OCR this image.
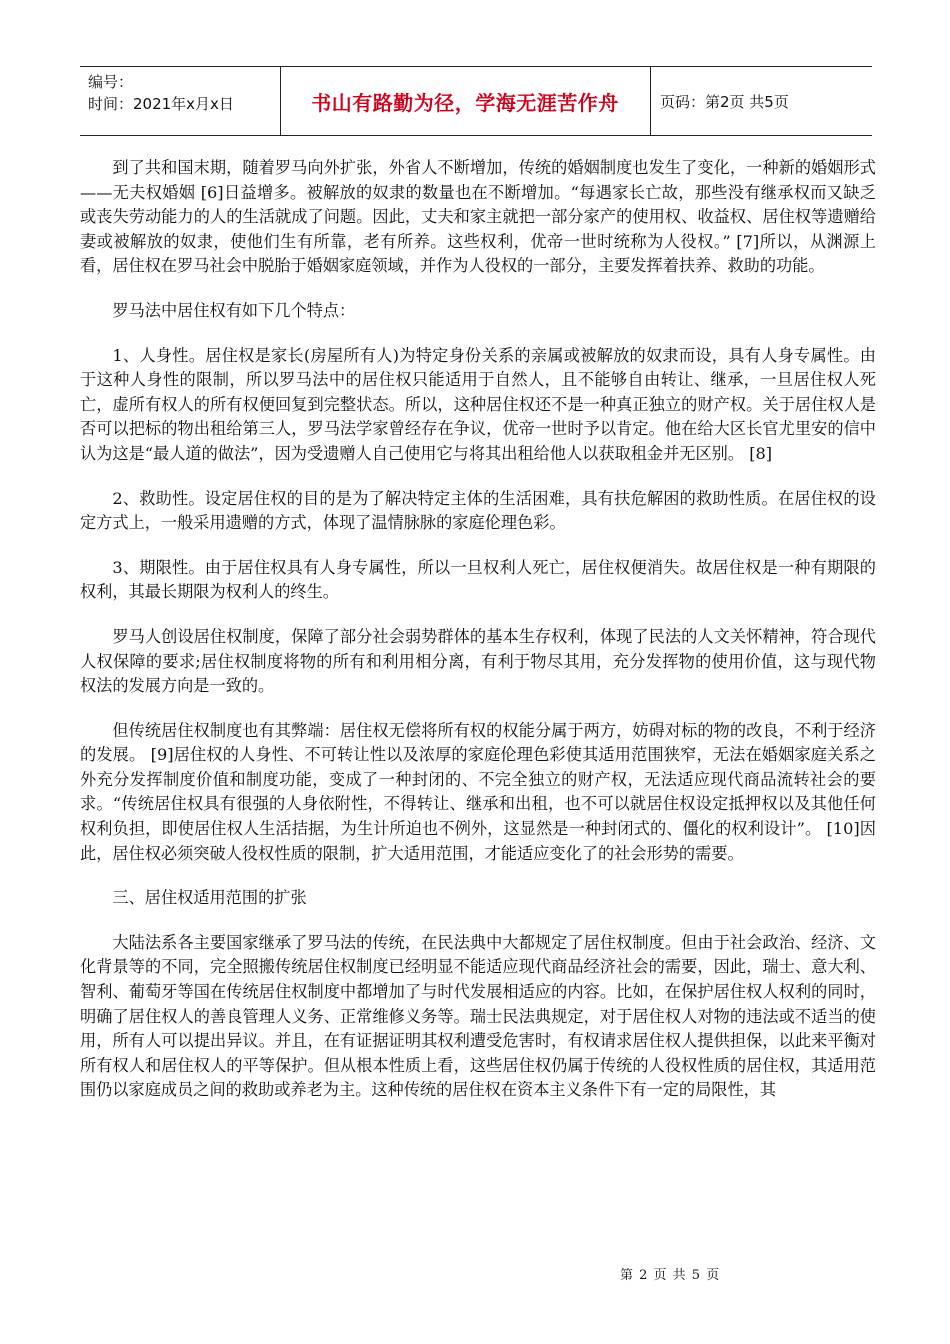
编号：
时间：2021年x月x日	书山有路勤为径，学海无涯苦作舟	页码：第2页 共5页

到了共和国末期，随着罗马向外扩张，外省人不断增加，传统的婚姻制度也发生了变化，一种新的婚姻形式——无夫权婚姻 [6]日益增多。被解放的奴隶的数量也在不断增加。“每遇家长亡故，那些没有继承权而又缺乏或丧失劳动能力的人的生活就成了问题。因此，丈夫和家主就把一部分家产的使用权、收益权、居住权等遗赠给妻或被解放的奴隶，使他们生有所靠，老有所养。这些权利，优帝一世时统称为人役权。” [7]所以，从渊源上看，居住权在罗马社会中脱胎于婚姻家庭领域，并作为人役权的一部分，主要发挥着扶养、救助的功能。

罗马法中居住权有如下几个特点：

1、人身性。居住权是家长(房屋所有人)为特定身份关系的亲属或被解放的奴隶而设，具有人身专属性。由于这种人身性的限制，所以罗马法中的居住权只能适用于自然人，且不能够自由转让、继承，一旦居住权人死亡，虚所有权人的所有权便回复到完整状态。所以，这种居住权还不是一种真正独立的财产权。关于居住权人是否可以把标的物出租给第三人，罗马法学家曾经存在争议，优帝一世时予以肯定。他在给大区长官尤里安的信中认为这是“最人道的做法”，因为受遗赠人自己使用它与将其出租给他人以获取租金并无区别。 [8]

2、救助性。设定居住权的目的是为了解决特定主体的生活困难，具有扶危解困的救助性质。在居住权的设定方式上，一般采用遗赠的方式，体现了温情脉脉的家庭伦理色彩。

3、期限性。由于居住权具有人身专属性，所以一旦权利人死亡，居住权便消失。故居住权是一种有期限的权利，其最长期限为权利人的终生。

罗马人创设居住权制度，保障了部分社会弱势群体的基本生存权利，体现了民法的人文关怀精神，符合现代人权保障的要求;居住权制度将物的所有和利用相分离，有利于物尽其用，充分发挥物的使用价值，这与现代物权法的发展方向是一致的。

但传统居住权制度也有其弊端：居住权无偿将所有权的权能分属于两方，妨碍对标的物的改良，不利于经济的发展。 [9]居住权的人身性、不可转让性以及浓厚的家庭伦理色彩使其适用范围狭窄，无法在婚姻家庭关系之外充分发挥制度价值和制度功能，变成了一种封闭的、不完全独立的财产权，无法适应现代商品流转社会的要求。“传统居住权具有很强的人身依附性，不得转让、继承和出租，也不可以就居住权设定抵押权以及其他任何权利负担，即使居住权人生活拮据，为生计所迫也不例外，这显然是一种封闭式的、僵化的权利设计”。 [10]因此，居住权必须突破人役权性质的限制，扩大适用范围，才能适应变化了的社会形势的需要。

三、居住权适用范围的扩张

大陆法系各主要国家继承了罗马法的传统，在民法典中大都规定了居住权制度。但由于社会政治、经济、文化背景等的不同，完全照搬传统居住权制度已经明显不能适应现代商品经济社会的需要，因此，瑞士、意大利、智利、葡萄牙等国在传统居住权制度中都增加了与时代发展相适应的内容。比如，在保护居住权人权利的同时，明确了居住权人的善良管理人义务、正常维修义务等。瑞士民法典规定，对于居住权人对物的违法或不适当的使用，所有人可以提出异议。并且，在有证据证明其权利遭受危害时，有权请求居住权人提供担保，以此来平衡对所有权人和居住权人的平等保护。但从根本性质上看，这些居住权仍属于传统的人役权性质的居住权，其适用范围仍以家庭成员之间的救助或养老为主。这种传统的居住权在资本主义条件下有一定的局限性，其

第 2 页 共 5 页
